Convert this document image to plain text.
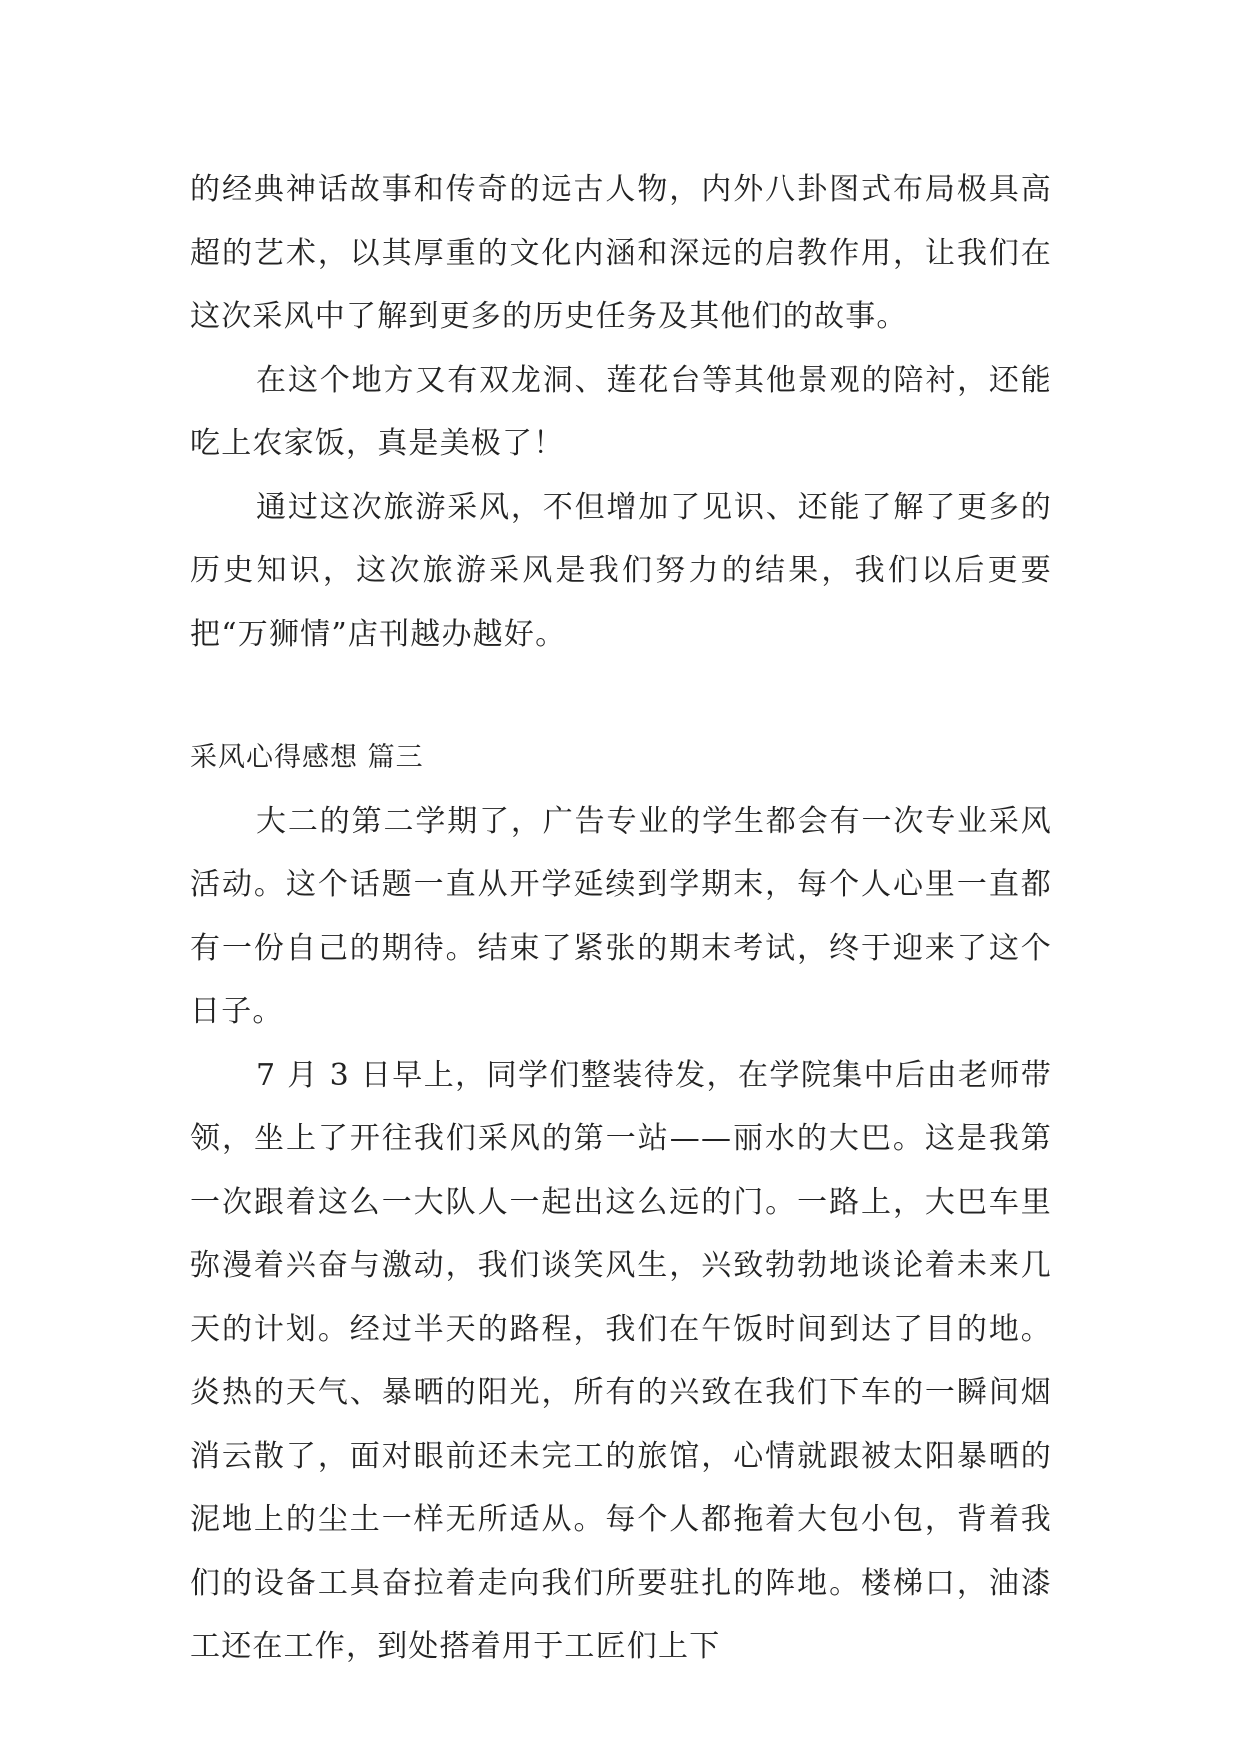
的经典神话故事和传奇的远古人物，内外八卦图式布局极具高超的艺术，以其厚重的文化内涵和深远的启教作用，让我们在这次采风中了解到更多的历史任务及其他们的故事。

在这个地方又有双龙洞、莲花台等其他景观的陪衬，还能吃上农家饭，真是美极了！

通过这次旅游采风，不但增加了见识、还能了解了更多的历史知识，这次旅游采风是我们努力的结果，我们以后更要把“万狮情”店刊越办越好。

采风心得感想 篇三

大二的第二学期了，广告专业的学生都会有一次专业采风活动。这个话题一直从开学延续到学期末，每个人心里一直都有一份自己的期待。结束了紧张的期末考试，终于迎来了这个日子。

7 月 3 日早上，同学们整装待发，在学院集中后由老师带领，坐上了开往我们采风的第一站——丽水的大巴。这是我第一次跟着这么一大队人一起出这么远的门。一路上，大巴车里弥漫着兴奋与激动，我们谈笑风生，兴致勃勃地谈论着未来几天的计划。经过半天的路程，我们在午饭时间到达了目的地。炎热的天气、暴晒的阳光，所有的兴致在我们下车的一瞬间烟消云散了，面对眼前还未完工的旅馆，心情就跟被太阳暴晒的泥地上的尘土一样无所适从。每个人都拖着大包小包，背着我们的设备工具奋拉着走向我们所要驻扎的阵地。楼梯口，油漆工还在工作，到处搭着用于工匠们上下
